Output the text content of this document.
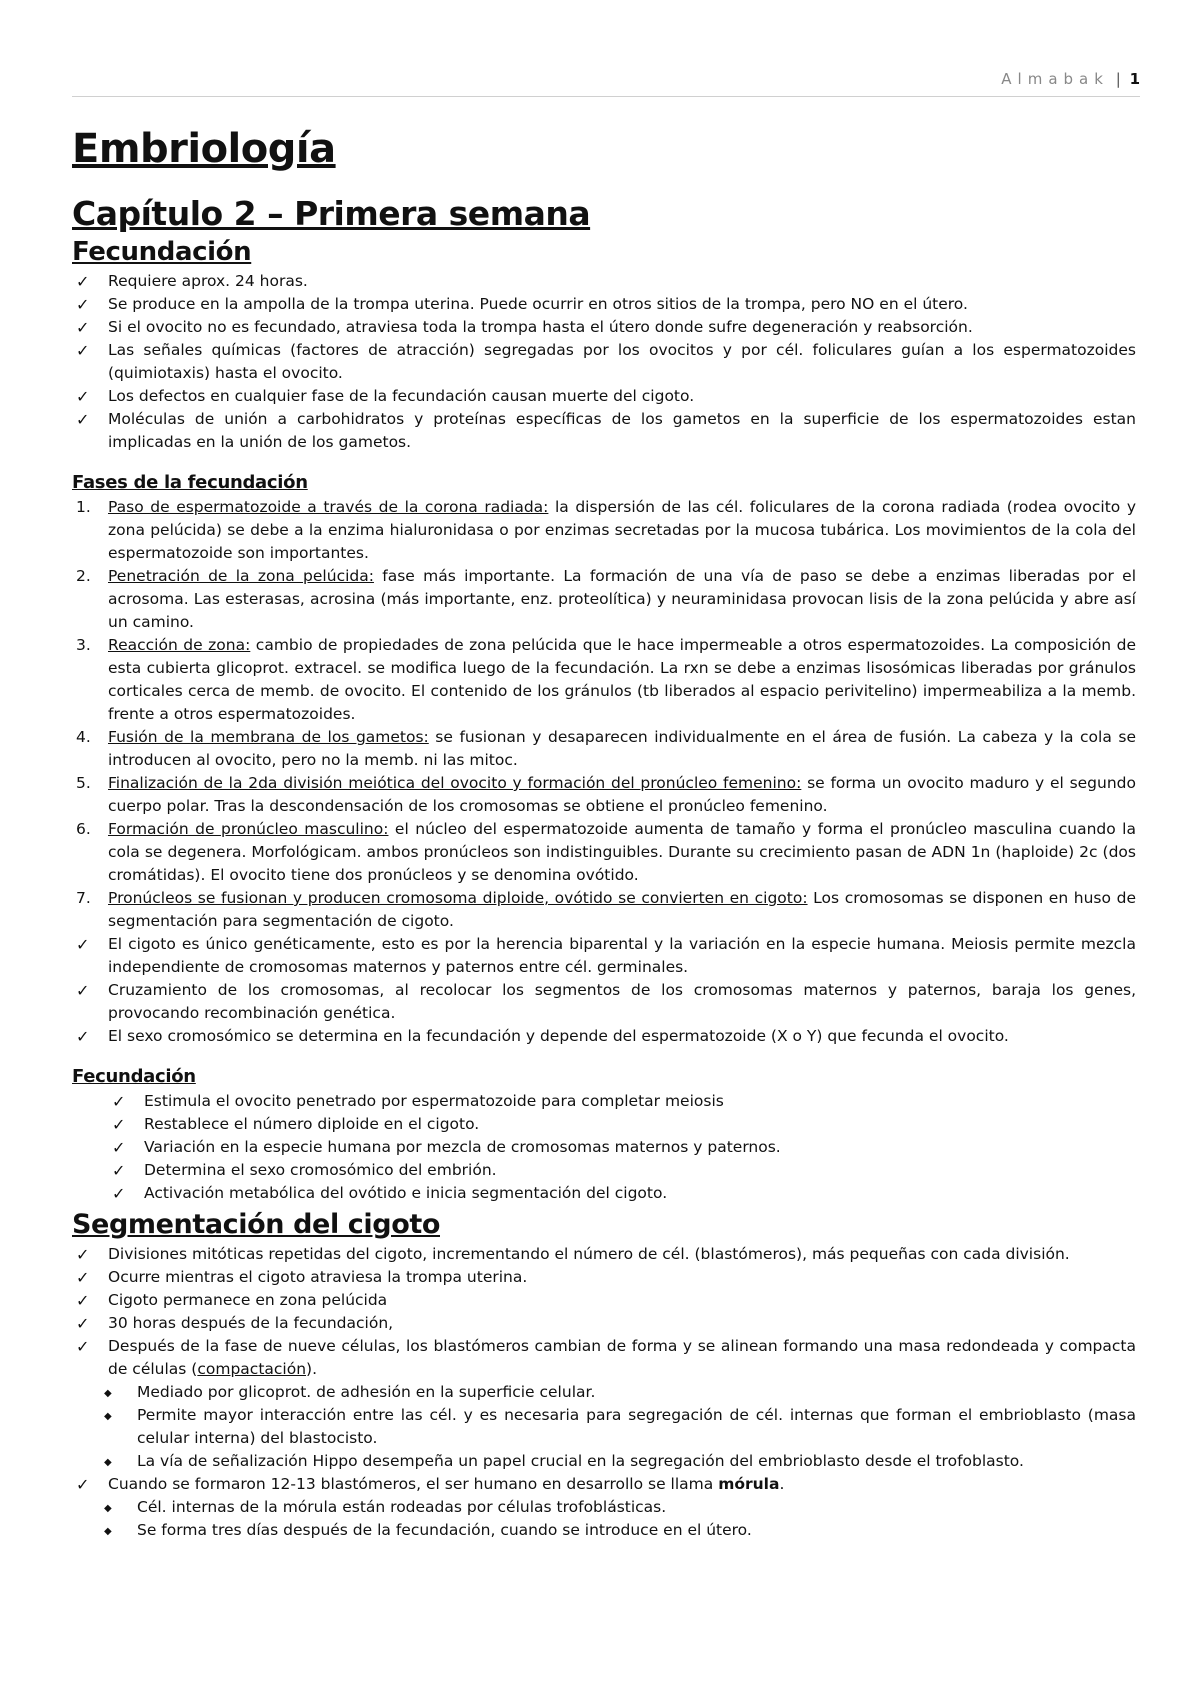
Almabak | 1
Embriología
Capítulo 2 – Primera semana
Fecundación
✓	Requiere aprox. 24 horas.
✓	Se produce en la ampolla de la trompa uterina. Puede ocurrir en otros sitios de la trompa, pero NO en el útero.
✓	Si el ovocito no es fecundado, atraviesa toda la trompa hasta el útero donde sufre degeneración y reabsorción.
✓	Las señales químicas (factores de atracción) segregadas por los ovocitos y por cél. foliculares guían a los espermatozoides (quimiotaxis) hasta el ovocito.
✓	Los defectos en cualquier fase de la fecundación causan muerte del cigoto.
✓	Moléculas de unión a carbohidratos y proteínas específicas de los gametos en la superficie de los espermatozoides estan implicadas en la unión de los gametos.
Fases de la fecundación
1.	Paso de espermatozoide a través de la corona radiada: la dispersión de las cél. foliculares de la corona radiada (rodea ovocito y zona pelúcida) se debe a la enzima hialuronidasa o por enzimas secretadas por la mucosa tubárica. Los movimientos de la cola del espermatozoide son importantes.
2.	Penetración de la zona pelúcida: fase más importante. La formación de una vía de paso se debe a enzimas liberadas por el acrosoma. Las esterasas, acrosina (más importante, enz. proteolítica) y neuraminidasa provocan lisis de la zona pelúcida y abre así un camino.
3.	Reacción de zona: cambio de propiedades de zona pelúcida que le hace impermeable a otros espermatozoides. La composición de esta cubierta glicoprot. extracel. se modifica luego de la fecundación. La rxn se debe a enzimas lisosómicas liberadas por gránulos corticales cerca de memb. de ovocito. El contenido de los gránulos (tb liberados al espacio perivitelino) impermeabiliza a la memb. frente a otros espermatozoides.
4.	Fusión de la membrana de los gametos: se fusionan y desaparecen individualmente en el área de fusión. La cabeza y la cola se introducen al ovocito, pero no la memb. ni las mitoc.
5.	Finalización de la 2da división meiótica del ovocito y formación del pronúcleo femenino: se forma un ovocito maduro y el segundo cuerpo polar. Tras la descondensación de los cromosomas se obtiene el pronúcleo femenino.
6.	Formación de pronúcleo masculino: el núcleo del espermatozoide aumenta de tamaño y forma el pronúcleo masculina cuando la cola se degenera. Morfológicam. ambos pronúcleos son indistinguibles. Durante su crecimiento pasan de ADN 1n (haploide) 2c (dos cromátidas). El ovocito tiene dos pronúcleos y se denomina ovótido.
7.	Pronúcleos se fusionan y producen cromosoma diploide, ovótido se convierten en cigoto: Los cromosomas se disponen en huso de segmentación para segmentación de cigoto.
✓	El cigoto es único genéticamente, esto es por la herencia biparental y la variación en la especie humana. Meiosis permite mezcla independiente de cromosomas maternos y paternos entre cél. germinales.
✓	Cruzamiento de los cromosomas, al recolocar los segmentos de los cromosomas maternos y paternos, baraja los genes, provocando recombinación genética.
✓	El sexo cromosómico se determina en la fecundación y depende del espermatozoide (X o Y) que fecunda el ovocito.
Fecundación
✓	Estimula el ovocito penetrado por espermatozoide para completar meiosis
✓	Restablece el número diploide en el cigoto.
✓	Variación en la especie humana por mezcla de cromosomas maternos y paternos.
✓	Determina el sexo cromosómico del embrión.
✓	Activación metabólica del ovótido e inicia segmentación del cigoto.
Segmentación del cigoto
✓	Divisiones mitóticas repetidas del cigoto, incrementando el número de cél. (blastómeros), más pequeñas con cada división.
✓	Ocurre mientras el cigoto atraviesa la trompa uterina.
✓	Cigoto permanece en zona pelúcida
✓	30 horas después de la fecundación,
✓	Después de la fase de nueve células, los blastómeros cambian de forma y se alinean formando una masa redondeada y compacta de células (compactación).
◆	Mediado por glicoprot. de adhesión en la superficie celular.
◆	Permite mayor interacción entre las cél. y es necesaria para segregación de cél. internas que forman el embrioblasto (masa celular interna) del blastocisto.
◆	La vía de señalización Hippo desempeña un papel crucial en la segregación del embrioblasto desde el trofoblasto.
✓	Cuando se formaron 12-13 blastómeros, el ser humano en desarrollo se llama mórula.
◆	Cél. internas de la mórula están rodeadas por células trofoblásticas.
◆	Se forma tres días después de la fecundación, cuando se introduce en el útero.
